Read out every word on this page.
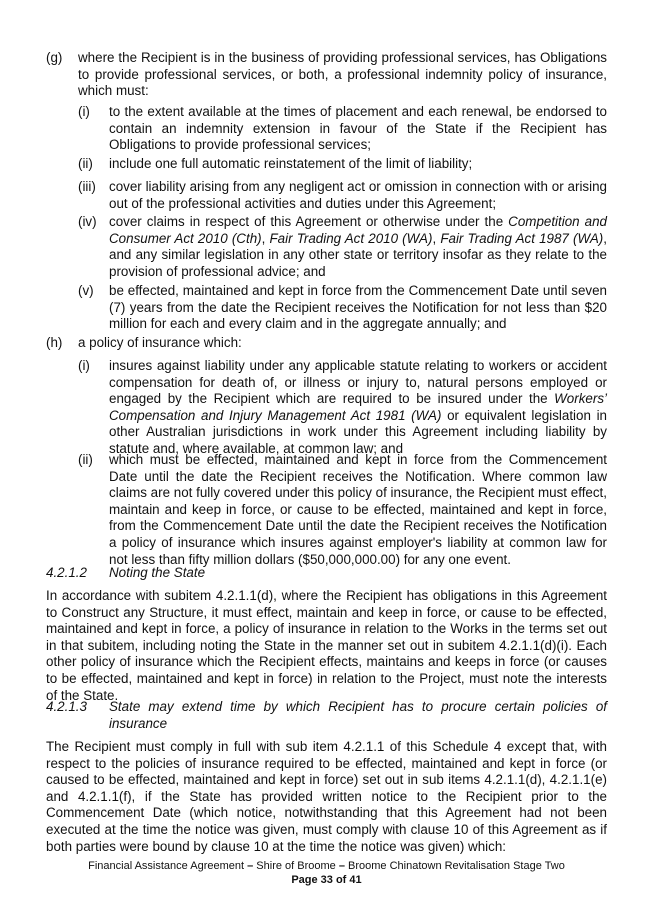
(g) where the Recipient is in the business of providing professional services, has Obligations to provide professional services, or both, a professional indemnity policy of insurance, which must:
(i) to the extent available at the times of placement and each renewal, be endorsed to contain an indemnity extension in favour of the State if the Recipient has Obligations to provide professional services;
(ii) include one full automatic reinstatement of the limit of liability;
(iii) cover liability arising from any negligent act or omission in connection with or arising out of the professional activities and duties under this Agreement;
(iv) cover claims in respect of this Agreement or otherwise under the Competition and Consumer Act 2010 (Cth), Fair Trading Act 2010 (WA), Fair Trading Act 1987 (WA), and any similar legislation in any other state or territory insofar as they relate to the provision of professional advice; and
(v) be effected, maintained and kept in force from the Commencement Date until seven (7) years from the date the Recipient receives the Notification for not less than $20 million for each and every claim and in the aggregate annually; and
(h) a policy of insurance which:
(i) insures against liability under any applicable statute relating to workers or accident compensation for death of, or illness or injury to, natural persons employed or engaged by the Recipient which are required to be insured under the Workers’ Compensation and Injury Management Act 1981 (WA) or equivalent legislation in other Australian jurisdictions in work under this Agreement including liability by statute and, where available, at common law; and
(ii) which must be effected, maintained and kept in force from the Commencement Date until the date the Recipient receives the Notification. Where common law claims are not fully covered under this policy of insurance, the Recipient must effect, maintain and keep in force, or cause to be effected, maintained and kept in force, from the Commencement Date until the date the Recipient receives the Notification a policy of insurance which insures against employer's liability at common law for not less than fifty million dollars ($50,000,000.00) for any one event.
4.2.1.2 Noting the State
In accordance with subitem 4.2.1.1(d), where the Recipient has obligations in this Agreement to Construct any Structure, it must effect, maintain and keep in force, or cause to be effected, maintained and kept in force, a policy of insurance in relation to the Works in the terms set out in that subitem, including noting the State in the manner set out in subitem 4.2.1.1(d)(i). Each other policy of insurance which the Recipient effects, maintains and keeps in force (or causes to be effected, maintained and kept in force) in relation to the Project, must note the interests of the State.
4.2.1.3 State may extend time by which Recipient has to procure certain policies of insurance
The Recipient must comply in full with sub item 4.2.1.1 of this Schedule 4 except that, with respect to the policies of insurance required to be effected, maintained and kept in force (or caused to be effected, maintained and kept in force) set out in sub items 4.2.1.1(d), 4.2.1.1(e) and 4.2.1.1(f), if the State has provided written notice to the Recipient prior to the Commencement Date (which notice, notwithstanding that this Agreement had not been executed at the time the notice was given, must comply with clause 10 of this Agreement as if both parties were bound by clause 10 at the time the notice was given) which:
Financial Assistance Agreement – Shire of Broome – Broome Chinatown Revitalisation Stage Two
Page 33 of 41
